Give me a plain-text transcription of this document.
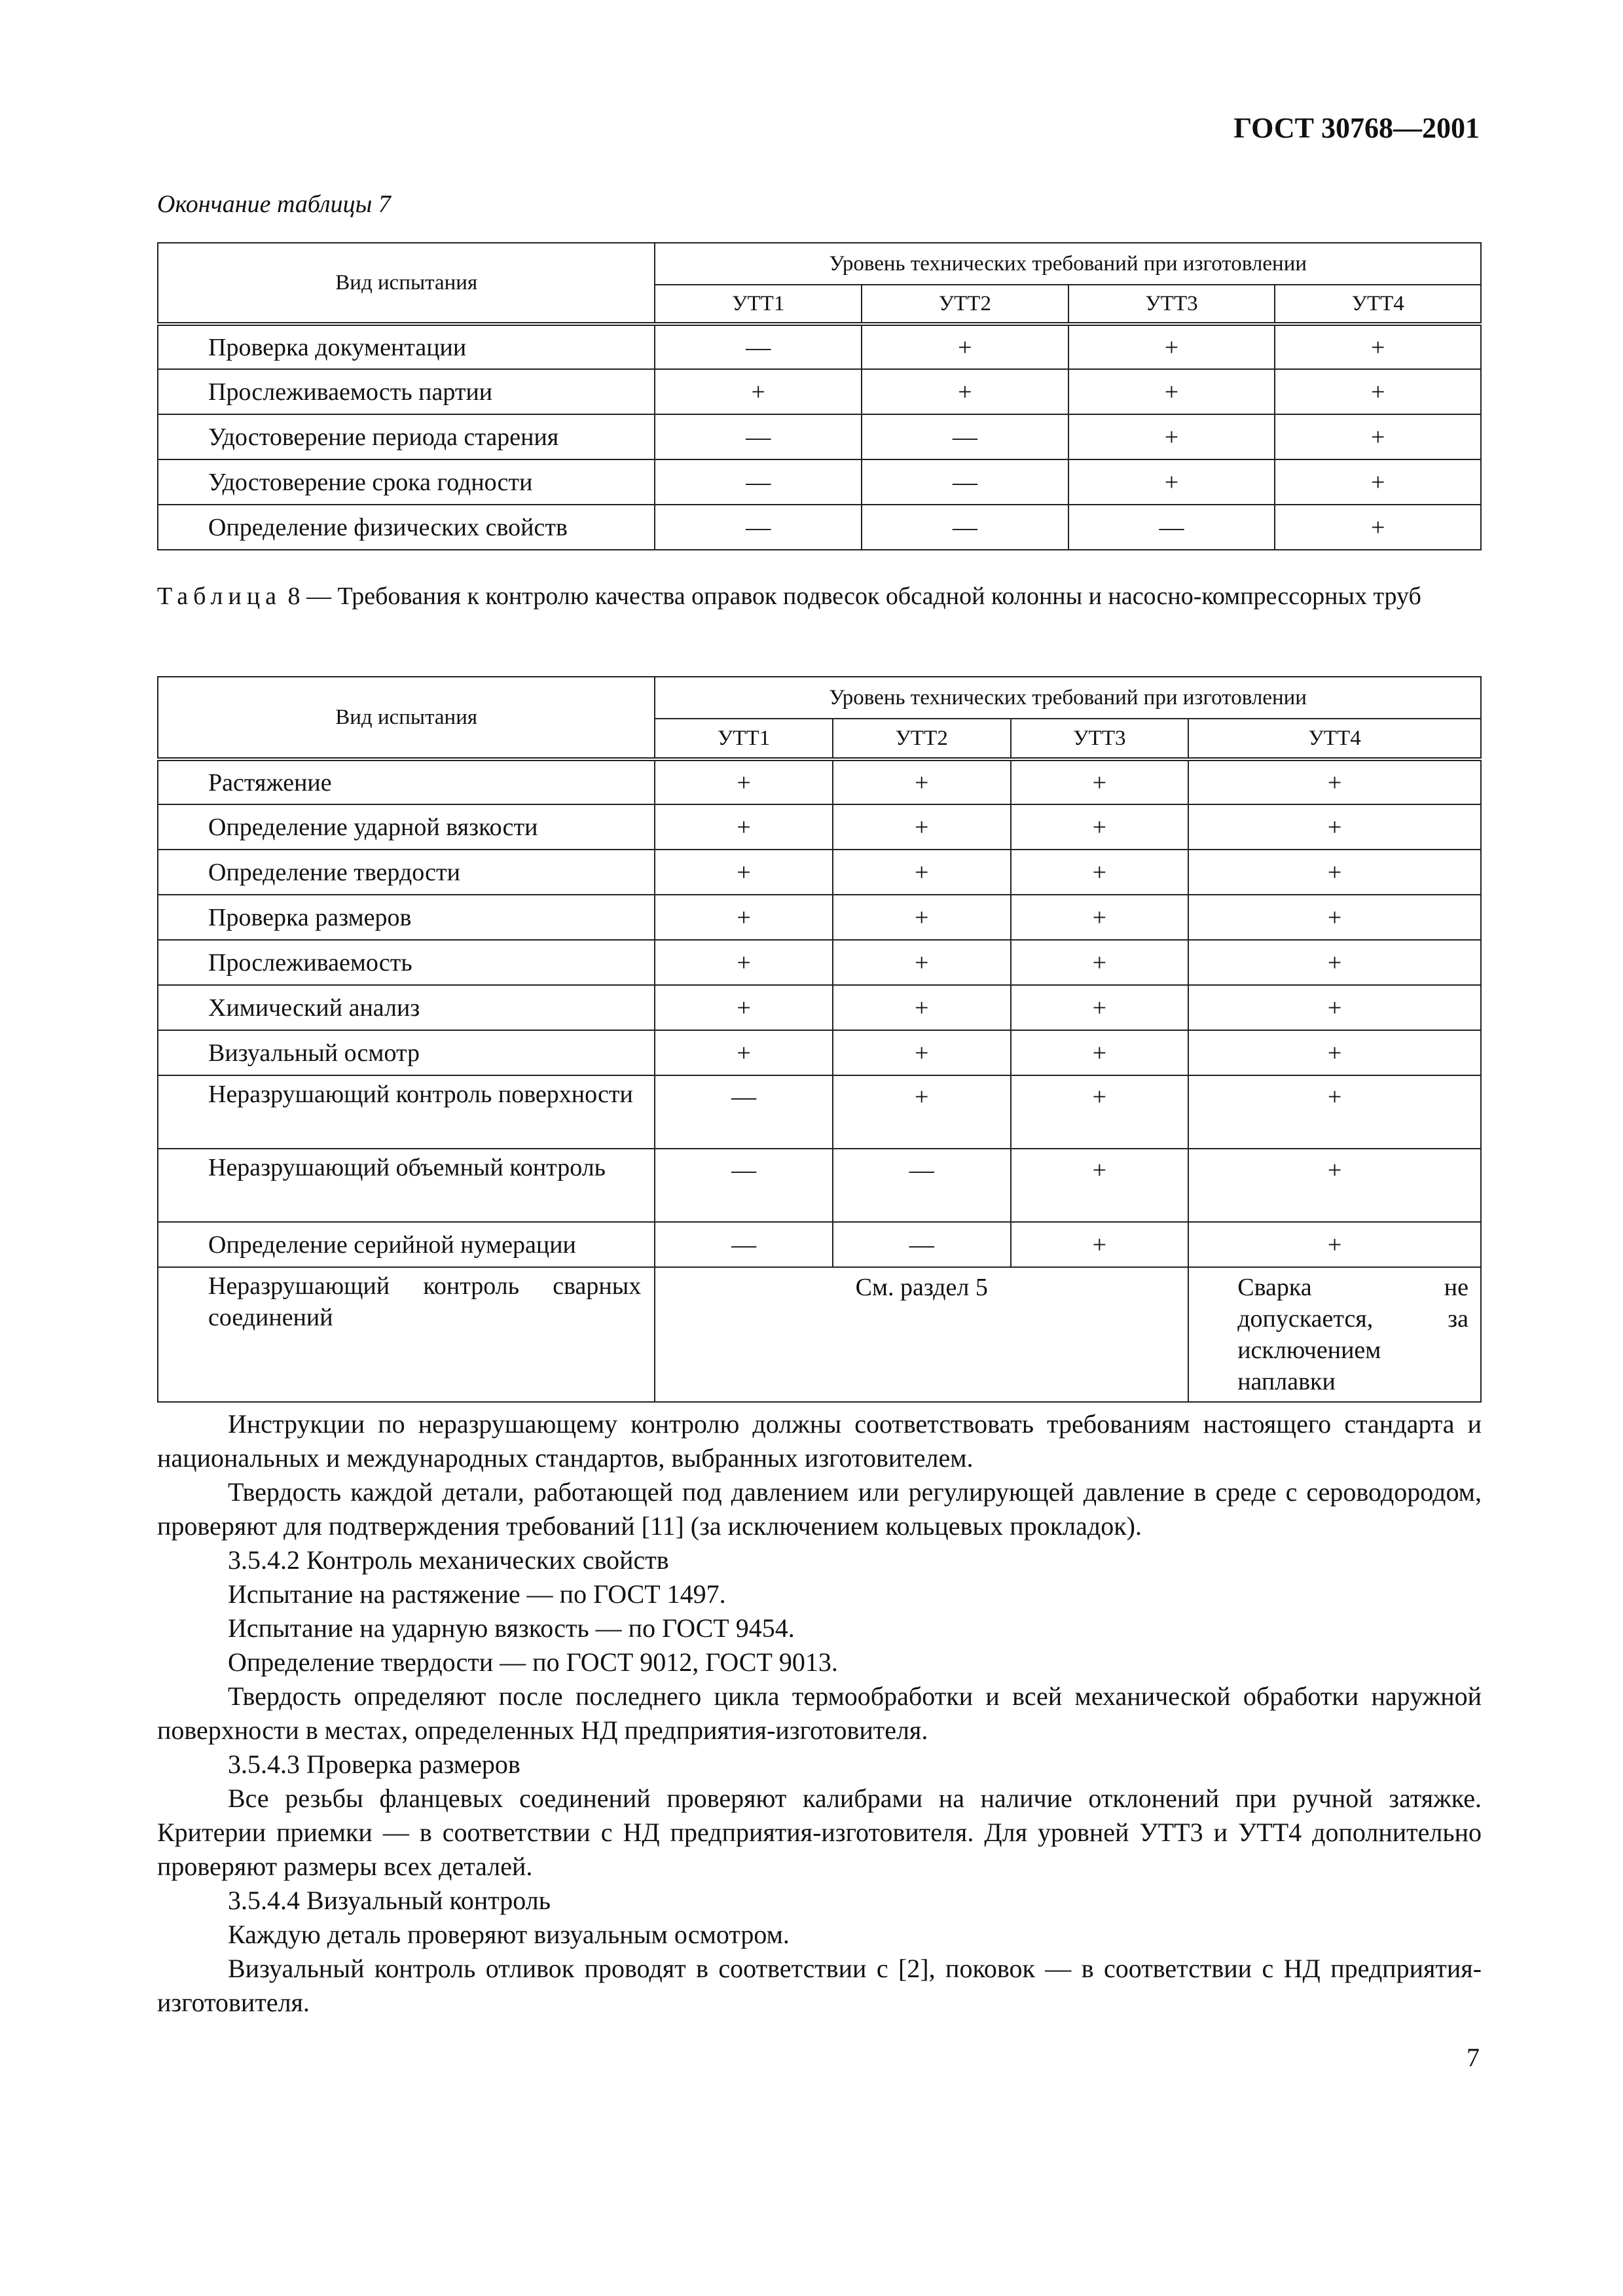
ГОСТ 30768—2001
Окончание таблицы 7
Вид испытания	Уровень технических требований при изготовлении			
	УТТ1	УТТ2	УТТ3	УТТ4
Проверка документации	—	+	+	+
Прослеживаемость партии	+	+	+	+
Удостоверение периода старения	—	—	+	+
Удостоверение срока годности	—	—	+	+
Определение физических свойств	—	—	—	+
Таблица 8 — Требования к контролю качества оправок подвесок обсадной колонны и насосно-компрессорных труб
Вид испытания	Уровень технических требований при изготовлении			
	УТТ1	УТТ2	УТТ3	УТТ4
Растяжение	+	+	+	+
Определение ударной вязкости	+	+	+	+
Определение твердости	+	+	+	+
Проверка размеров	+	+	+	+
Прослеживаемость	+	+	+	+
Химический анализ	+	+	+	+
Визуальный осмотр	+	+	+	+

Неразрушающий контроль поверхности	—	+	+	+

Неразрушающий объемный контроль	—	—	+	+
Определение серийной нумерации	—	—	+	+

Неразрушающий контроль сварных соединений	См. раздел 5			Сварка не допускается, за исключением наплавки

Инструкции по неразрушающему контролю должны соответствовать требованиям настоящего стандарта и национальных и международных стандартов, выбранных изготовителем.

Твердость каждой детали, работающей под давлением или регулирующей давление в среде с сероводородом, проверяют для подтверждения требований [11] (за исключением кольцевых прокладок).

3.5.4.2 Контроль механических свойств

Испытание на растяжение — по ГОСТ 1497.

Испытание на ударную вязкость — по ГОСТ 9454.

Определение твердости — по ГОСТ 9012, ГОСТ 9013.

Твердость определяют после последнего цикла термообработки и всей механической обработки наружной поверхности в местах, определенных НД предприятия-изготовителя.

3.5.4.3 Проверка размеров

Все резьбы фланцевых соединений проверяют калибрами на наличие отклонений при ручной затяжке. Критерии приемки — в соответствии с НД предприятия-изготовителя. Для уровней УТТ3 и УТТ4 дополнительно проверяют размеры всех деталей.

3.5.4.4 Визуальный контроль

Каждую деталь проверяют визуальным осмотром.

Визуальный контроль отливок проводят в соответствии с [2], поковок — в соответствии с НД предприятия-изготовителя.

7
